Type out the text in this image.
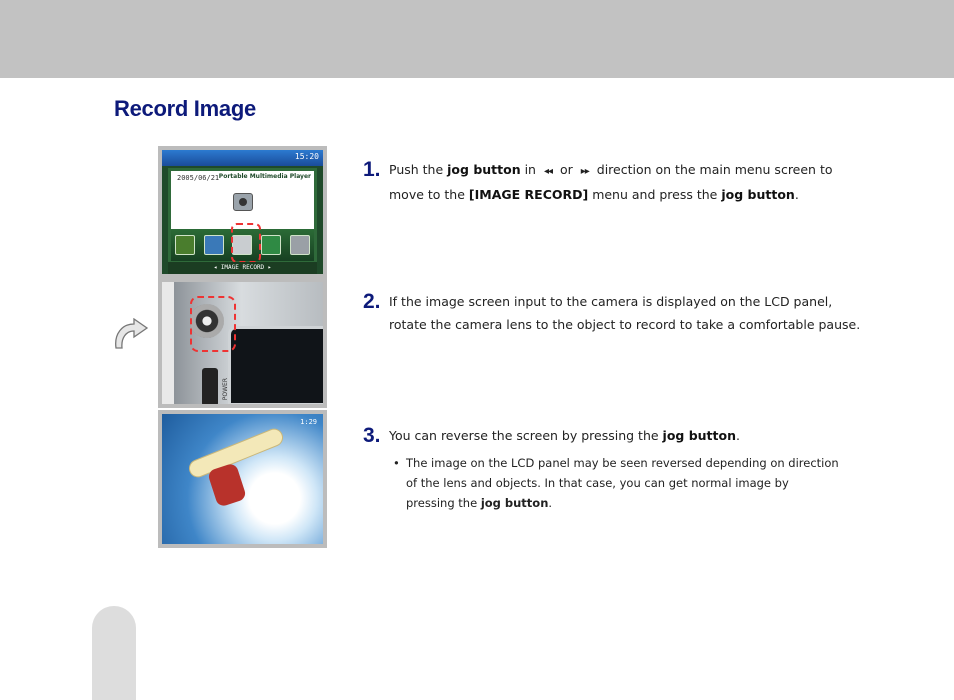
Record Image
15:20
2005/06/21 Portable Multimedia Player
◂ IMAGE RECORD ▸
POWER
1:29
1. Push the jog button in ◂◂ or ▸▸ direction on the main menu screen to move to the [IMAGE RECORD] menu and press the jog button.

2. If the image screen input to the camera is displayed on the LCD panel, rotate the camera lens to the object to record to take a comfortable pause.

3. You can reverse the screen by pressing the jog button.

• The image on the LCD panel may be seen reversed depending on direction of the lens and objects. In that case, you can get normal image by pressing the jog button.
